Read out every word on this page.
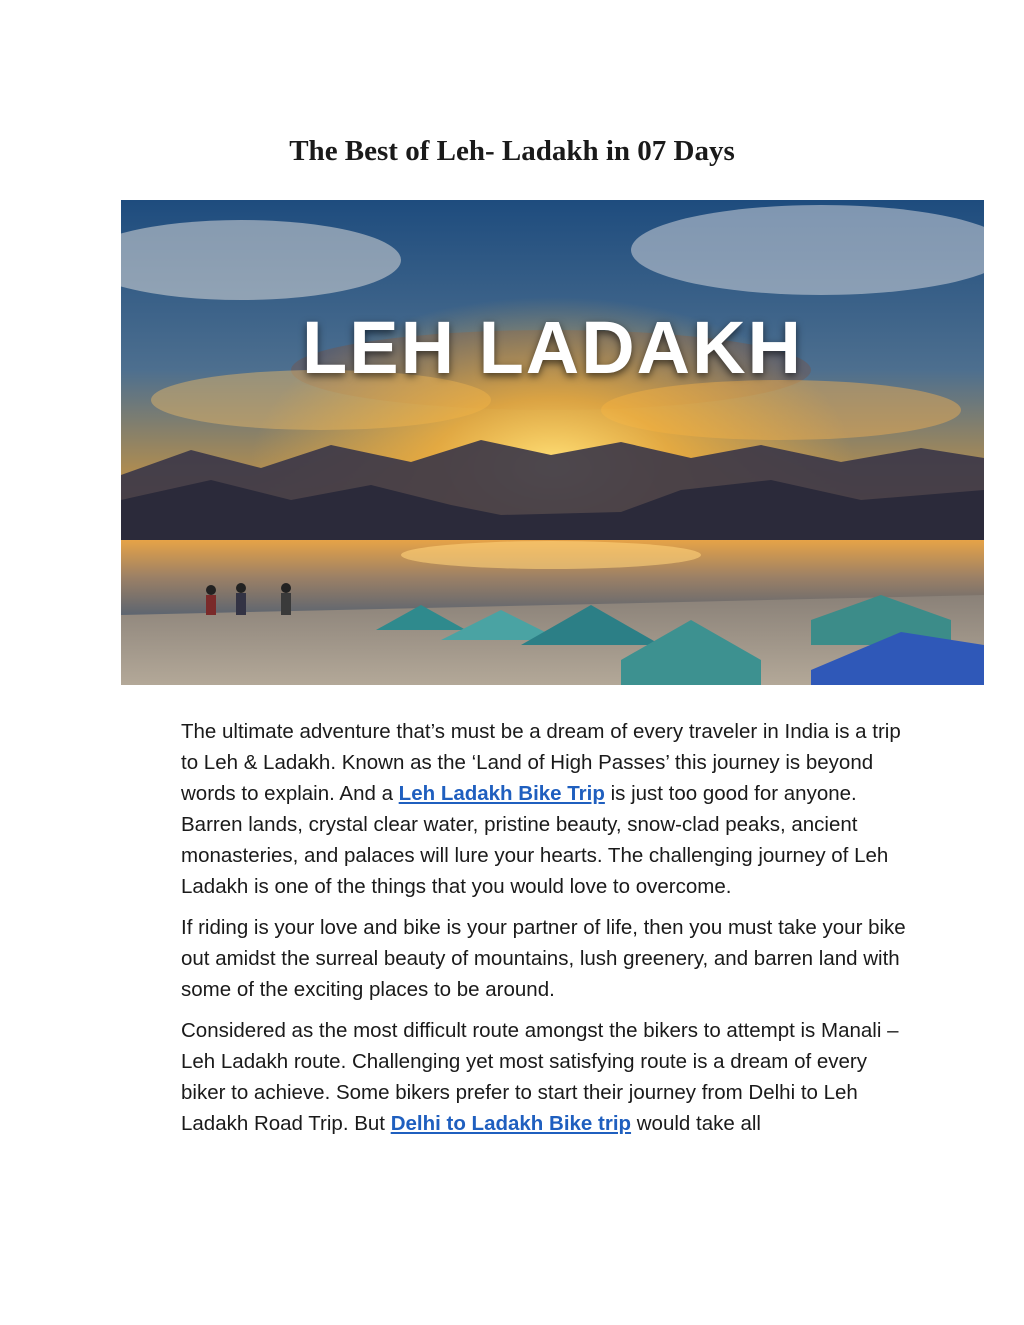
The Best of Leh- Ladakh in 07 Days
LEH LADAKH

The ultimate adventure that’s must be a dream of every traveler in India is a trip to Leh & Ladakh. Known as the ‘Land of High Passes’ this journey is beyond words to explain. And a Leh Ladakh Bike Trip is just too good for anyone. Barren lands, crystal clear water, pristine beauty, snow-clad peaks, ancient monasteries, and palaces will lure your hearts. The challenging journey of Leh Ladakh is one of the things that you would love to overcome.

If riding is your love and bike is your partner of life, then you must take your bike out amidst the surreal beauty of mountains, lush greenery, and barren land with some of the exciting places to be around.

Considered as the most difficult route amongst the bikers to attempt is Manali – Leh Ladakh route. Challenging yet most satisfying route is a dream of every biker to achieve. Some bikers prefer to start their journey from Delhi to Leh Ladakh Road Trip. But Delhi to Ladakh Bike trip would take all
